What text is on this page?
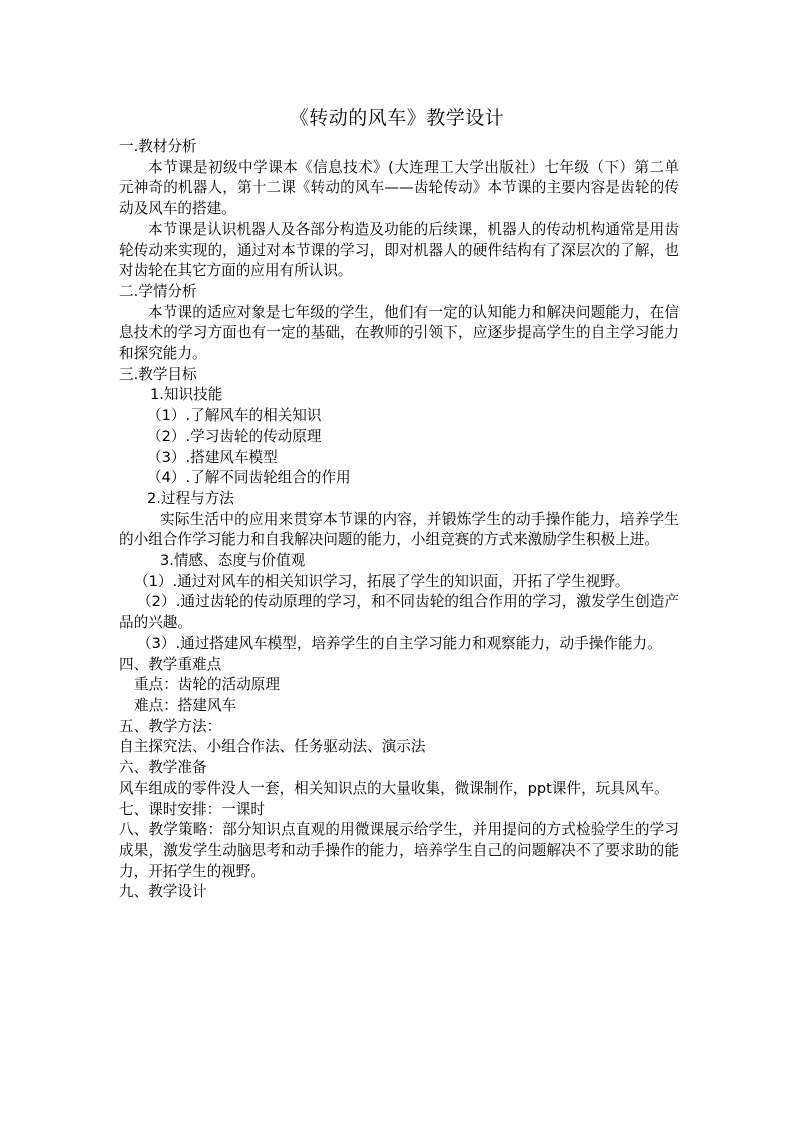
《转动的风车》教学设计

一.教材分析

本节课是初级中学课本《信息技术》(大连理工大学出版社）七年级（下）第二单元神奇的机器人，第十二课《转动的风车——齿轮传动》本节课的主要内容是齿轮的传动及风车的搭建。

本节课是认识机器人及各部分构造及功能的后续课，机器人的传动机构通常是用齿轮传动来实现的，通过对本节课的学习，即对机器人的硬件结构有了深层次的了解，也对齿轮在其它方面的应用有所认识。

二.学情分析

本节课的适应对象是七年级的学生，他们有一定的认知能力和解决问题能力，在信息技术的学习方面也有一定的基础，在教师的引领下，应逐步提高学生的自主学习能力和探究能力。

三.教学目标

1.知识技能

（1）.了解风车的相关知识

（2）.学习齿轮的传动原理

（3）.搭建风车模型

（4）.了解不同齿轮组合的作用

2.过程与方法

实际生活中的应用来贯穿本节课的内容，并锻炼学生的动手操作能力，培养学生的小组合作学习能力和自我解决问题的能力，小组竞赛的方式来激励学生积极上进。

3.情感、态度与价值观

（1）.通过对风车的相关知识学习，拓展了学生的知识面，开拓了学生视野。

（2）.通过齿轮的传动原理的学习，和不同齿轮的组合作用的学习，激发学生创造产品的兴趣。

（3）.通过搭建风车模型，培养学生的自主学习能力和观察能力，动手操作能力。

四、教学重难点

重点：齿轮的活动原理

难点：搭建风车

五、教学方法：

自主探究法、小组合作法、任务驱动法、演示法

六、教学准备

风车组成的零件没人一套，相关知识点的大量收集，微课制作，ppt课件，玩具风车。

七、课时安排：一课时

八、教学策略：部分知识点直观的用微课展示给学生，并用提问的方式检验学生的学习成果，激发学生动脑思考和动手操作的能力，培养学生自己的问题解决不了要求助的能力，开拓学生的视野。

九、教学设计
